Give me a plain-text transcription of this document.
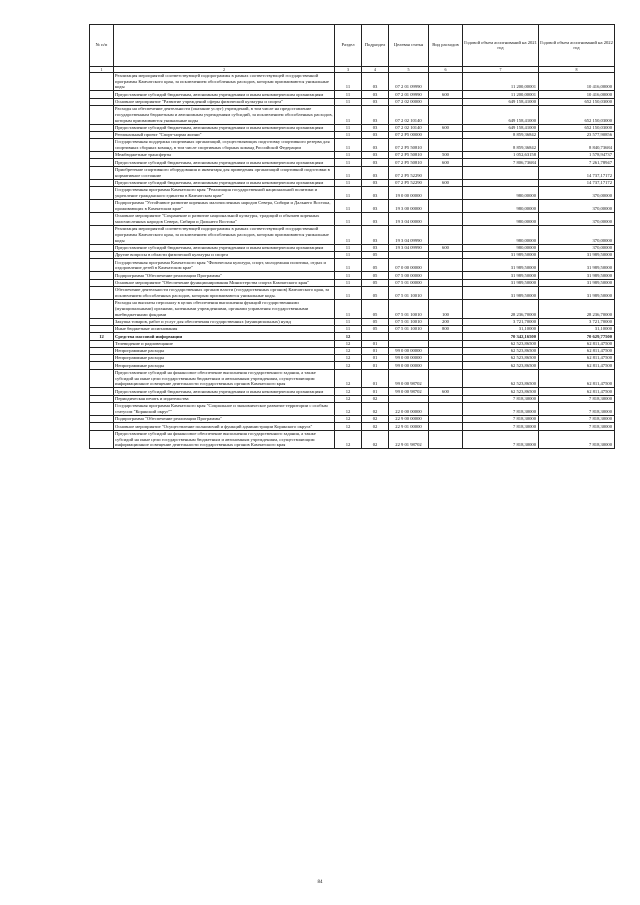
№ п/п		Раздел	Подраздел	Целевая статья	Вид расходов	Годовой объем ассигнований на 2021 год	Годовой объем ассигнований на 2022 год
1	2	3	4	5	6	7	8
	Реализация мероприятий соответствующей подпрограммы в рамках соответствующей государственной программы Камчатского края, за исключением обособленных расходов, которым присваиваются уникальные коды	11	03	07 2 01 09990		11 200,00001	10 416,00000
	Предоставление субсидий бюджетным, автономным учреждениям и иным некоммерческим организациям	11	03	07 2 01 09990	600	11 200,00001	10 416,00000
	Основное мероприятие "Развитие учреждений сферы физической культуры и спорта"	11	03	07 2 02 00000		649 158,41000	652 150,03000
	Расходы на обеспечение деятельности (оказание услуг) учреждений, в том числе на предоставление государственным бюджетным и автономным учреждениям субсидий, за исключением обособленных расходов, которым присваиваются уникальные коды	11	03	07 2 02 10140		649 158,41000	652 150,03000
	Предоставление субсидий бюджетным, автономным учреждениям и иным некоммерческим организациям	11	03	07 2 02 10140	600	649 158,41000	652 150,03000
	Региональный проект "Спорт-норма жизни"	11	03	07 2 P5 00000		8 859,36842	23 577,90856
	Государственная поддержка спортивных организаций, осуществляющих подготовку спортивного резерва для спортивных сборных команд, в том числе спортивных сборных команд Российской Федерации	11	03	07 2 P5 50810		8 859,36842	8 840,73684
	Межбюджетные трансферты	11	03	07 2 P5 50810	500	1 052,63158	1 578,94737
	Предоставление субсидий бюджетным, автономным учреждениям и иным некоммерческим организациям	11	03	07 2 P5 50810	600	7 806,73684	7 261,78947
	Приобретение спортивного оборудования и инвентаря для приведения организаций спортивной подготовки в нормативное состояние	11	03	07 2 P5 52290			14 737,17172
	Предоставление субсидий бюджетным, автономным учреждениям и иным некоммерческим организациям	11	03	07 2 P5 52290	600		14 737,17172
	Государственная программа Камчатского края "Реализация государственной национальной политики и укрепление гражданского единства в Камчатском крае"	11	03	19 0 00 00000		980,00000	370,00000
	Подпрограмма "Устойчивое развитие коренных малочисленных народов Севера, Сибири и Дальнего Востока, проживающих в Камчатском крае"	11	03	19 3 00 00000		980,00000	370,00000
	Основное мероприятие "Сохранение и развитие национальной культуры, традиций и обычаев коренных малочисленных народов Севера, Сибири и Дальнего Востока"	11	03	19 3 04 00000		980,00000	370,00000
	Реализация мероприятий соответствующей подпрограммы в рамках соответствующей государственной программы Камчатского края, за исключением обособленных расходов, которым присваиваются уникальные коды	11	03	19 3 04 09990		980,00000	370,00000
	Предоставление субсидий бюджетным, автономным учреждениям и иным некоммерческим организациям	11	03	19 3 04 09990	600	980,00000	370,00000
	Другие вопросы в области физической культуры и спорта	11	05			31 989,50000	31 989,50000
	Государственная программа Камчатского края "Физическая культура, спорт, молодежная политика, отдых и оздоровление детей в Камчатском крае"	11	05	07 0 00 00000		31 989,50000	31 989,50000
	Подпрограмма "Обеспечение реализации Программы"	11	05	07 5 00 00000		31 989,50000	31 989,50000
	Основное мероприятие "Обеспечение функционирования Министерства спорта Камчатского края"	11	05	07 5 01 00000		31 989,50000	31 989,50000
	Обеспечение деятельности государственных органов власти (государственных органов) Камчатского края, за исключением обособленных расходов, которым присваиваются уникальные коды.	11	05	07 5 01 10010		31 989,50000	31 989,50000
	Расходы на выплаты персоналу в целях обеспечения выполнения функций государственными (муниципальными) органами, казенными учреждениями, органами управления государственными внебюджетными фондами	11	05	07 5 01 10010	100	28 236,70000	28 236,70000
	Закупка товаров, работ и услуг для обеспечения государственных (муниципальных) нужд	11	05	07 5 01 10010	200	3 721,70000	3 721,70000
	Иные бюджетные ассигнования	11	05	07 5 01 10010	800	31,10000	31,10000
12	Средства массовой информации	12				70 342,16500	70 629,77500
	Телевидение и радиовещание	12	01			62 523,86500	62 811,47500
	Непрограммные расходы	12	01	99 0 00 00000		62 523,86500	62 811,47500
	Непрограммные расходы	12	01	99 0 00 00000		62 523,86500	62 811,47500
	Непрограммные расходы	12	01	99 0 00 00000		62 523,86500	62 811,47500
	Предоставление субсидий на финансовое обеспечение выполнения государственного задания, а также субсидий на иные цели государственным бюджетным и автономным учреждениям, осуществляющим информационное освещение деятельности государственных органов Камчатского края	12	01	99 0 00 98702		62 523,86500	62 811,47500
	Предоставление субсидий бюджетным, автономным учреждениям и иным некоммерческим организациям	12	01	99 0 00 98702	600	62 523,86500	62 811,47500
	Периодическая печать и издательства	12	02			7 818,30000	7 818,30000
	Государственная программа Камчатского края "Социальное и экономическое развитие территории с особым статусом "Корякский округ""	12	02	22 0 00 00000		7 818,30000	7 818,30000
	Подпрограмма "Обеспечение реализации Программы"	12	02	22 9 00 00000		7 818,30000	7 818,30000
	Основное мероприятие "Осуществление полномочий и функций администрации Корякского округа"	12	02	22 9 01 00000		7 818,30000	7 818,30000
	Предоставление субсидий на финансовое обеспечение выполнения государственного задания, а также субсидий на иные цели государственным бюджетным и автономным учреждениям, осуществляющим информационное освещение деятельности государственных органов Камчатского края	12	02	22 9 01 98702		7 818,30000	7 818,30000
84
